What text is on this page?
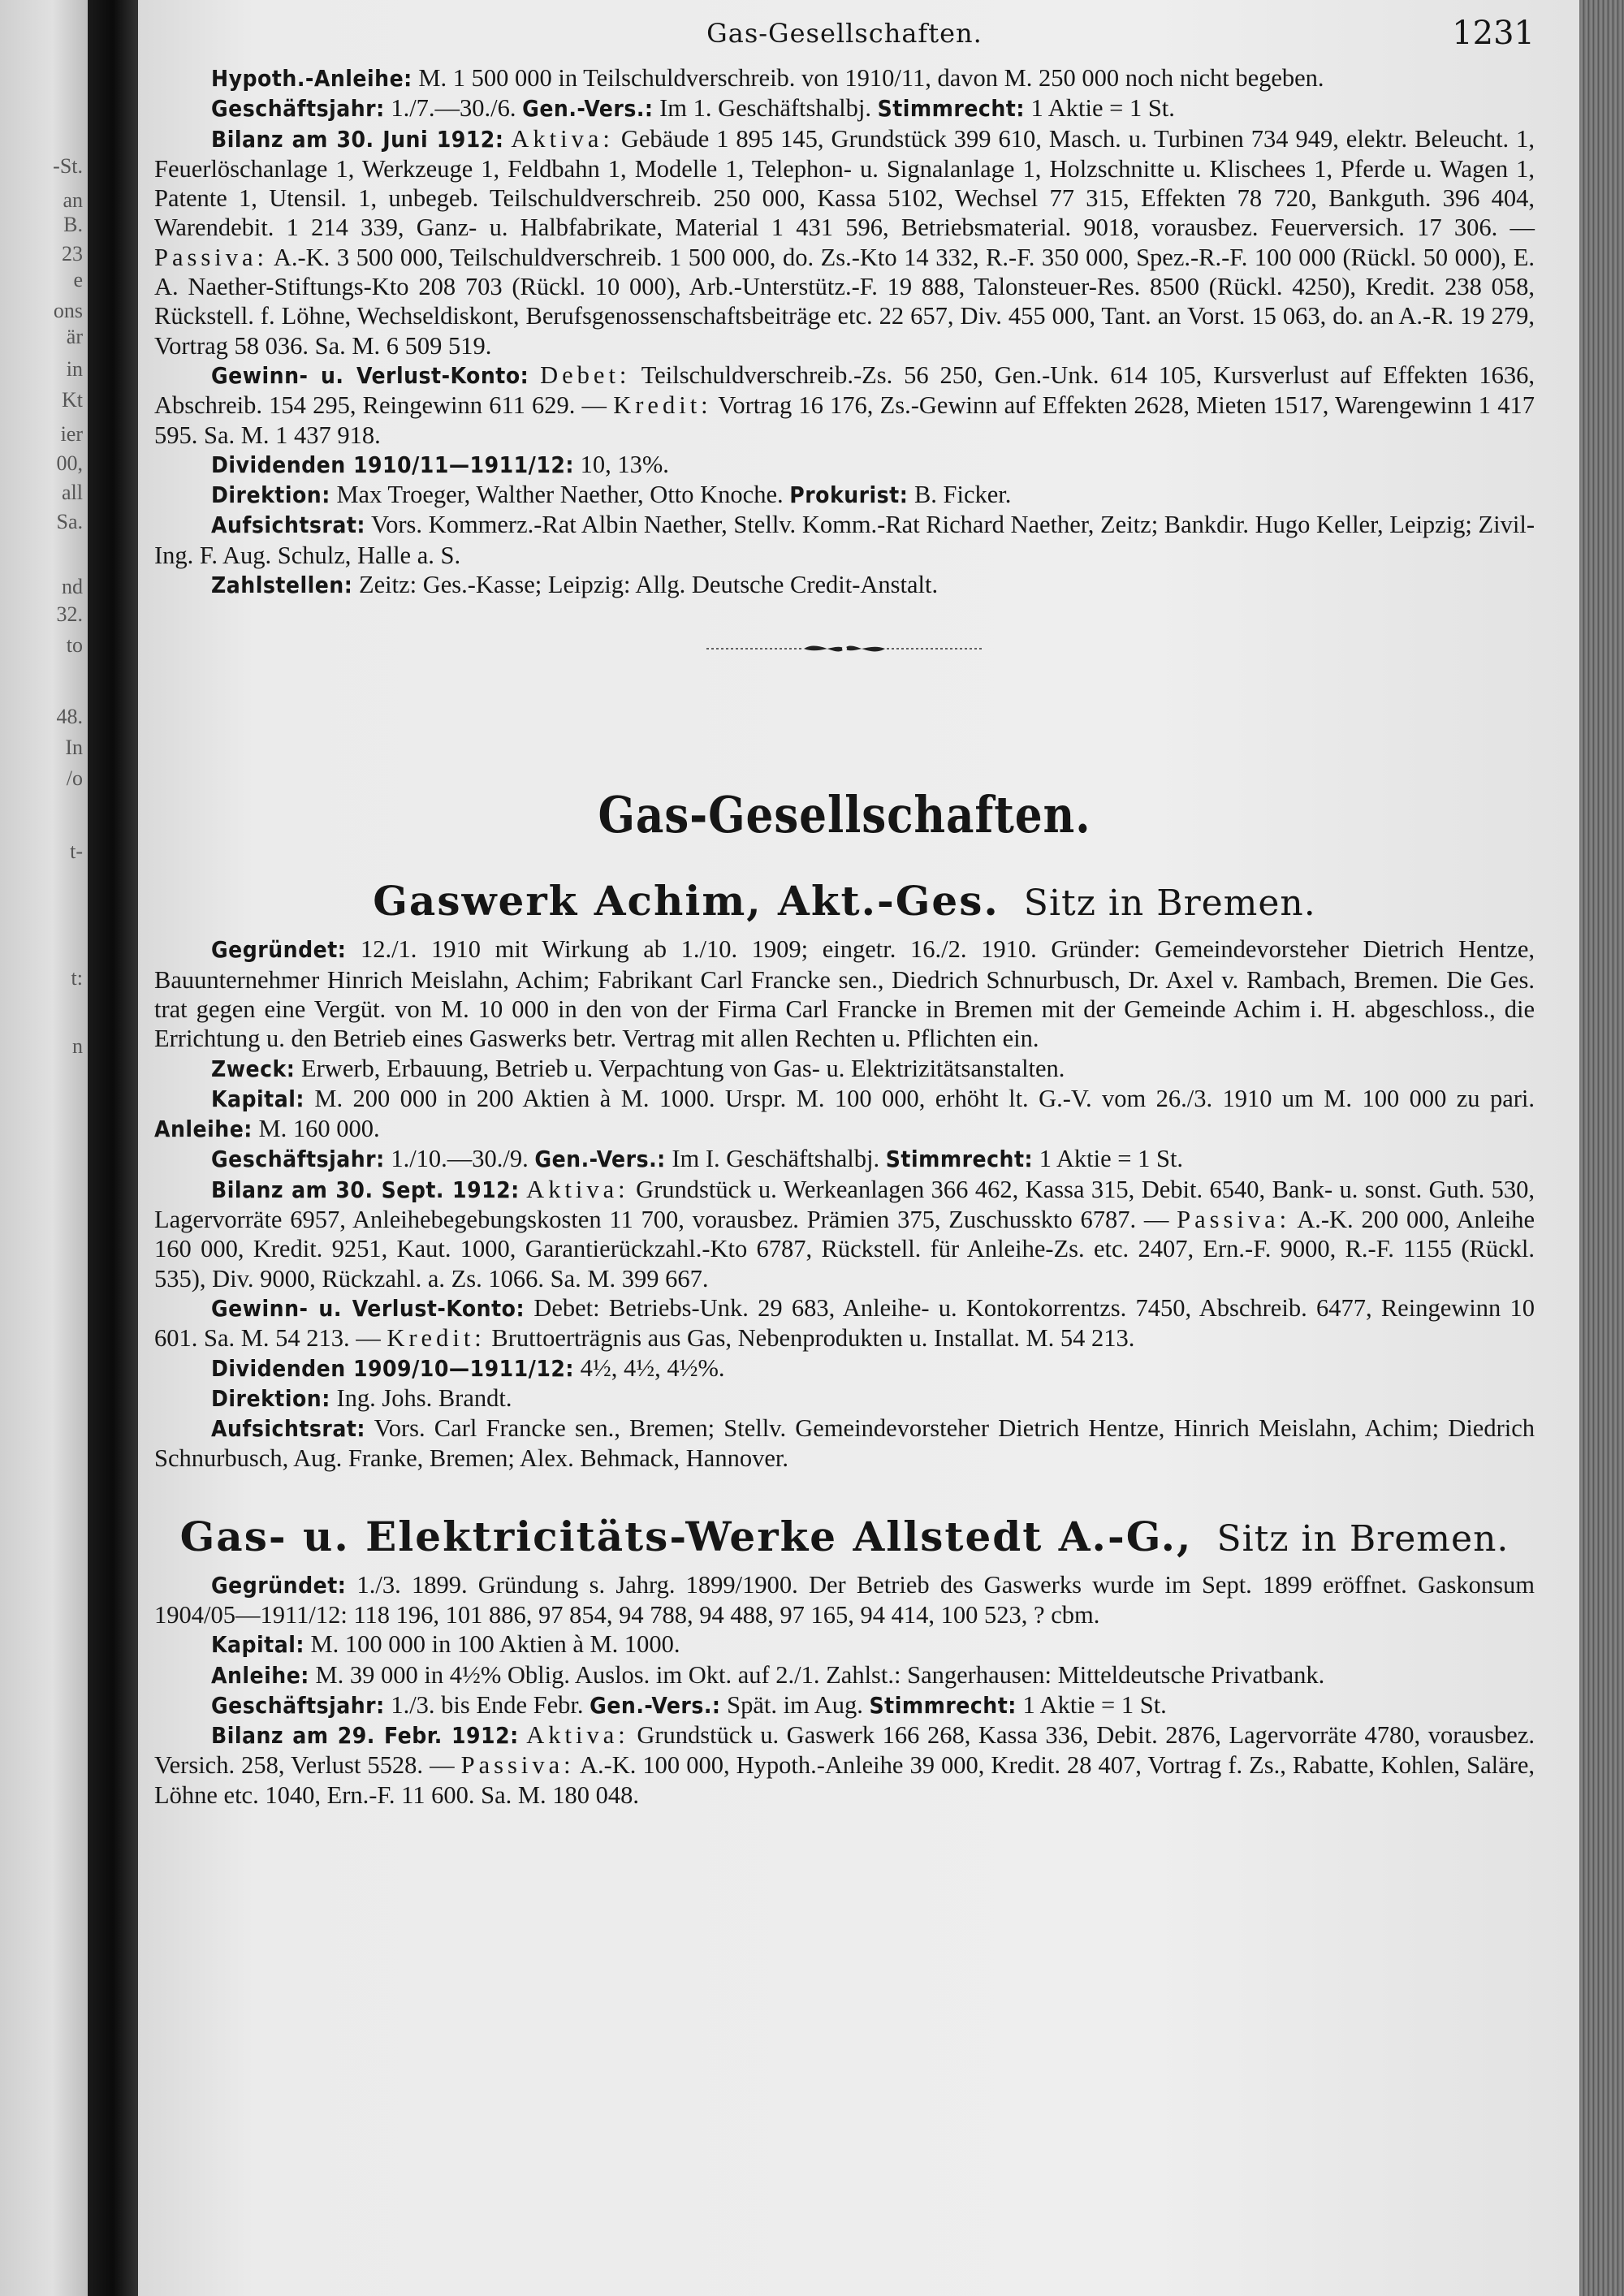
-St.
an
B.
23
e
ons
är
in
Kt
ier
00,
all
Sa.
nd
32.
to
48.
In
/o
t-
t:
n
Gas-Gesellschaften.	1231

Hypoth.-Anleihe: M. 1 500 000 in Teilschuldverschreib. von 1910/11, davon M. 250 000 noch nicht begeben.

Geschäftsjahr: 1./7.—30./6. Gen.-Vers.: Im 1. Geschäftshalbj. Stimmrecht: 1 Aktie = 1 St.

Bilanz am 30. Juni 1912: Aktiva: Gebäude 1 895 145, Grundstück 399 610, Masch. u. Turbinen 734 949, elektr. Beleucht. 1, Feuerlöschanlage 1, Werkzeuge 1, Feldbahn 1, Modelle 1, Telephon- u. Signalanlage 1, Holzschnitte u. Klischees 1, Pferde u. Wagen 1, Patente 1, Utensil. 1, unbegeb. Teilschuldverschreib. 250 000, Kassa 5102, Wechsel 77 315, Effekten 78 720, Bankguth. 396 404, Warendebit. 1 214 339, Ganz- u. Halbfabrikate, Material 1 431 596, Betriebsmaterial. 9018, vorausbez. Feuerversich. 17 306. — Passiva: A.-K. 3 500 000, Teilschuldverschreib. 1 500 000, do. Zs.-Kto 14 332, R.-F. 350 000, Spez.-R.-F. 100 000 (Rückl. 50 000), E. A. Naether-Stiftungs-Kto 208 703 (Rückl. 10 000), Arb.-Unterstütz.-F. 19 888, Talonsteuer-Res. 8500 (Rückl. 4250), Kredit. 238 058, Rückstell. f. Löhne, Wechseldiskont, Berufsgenossenschaftsbeiträge etc. 22 657, Div. 455 000, Tant. an Vorst. 15 063, do. an A.-R. 19 279, Vortrag 58 036. Sa. M. 6 509 519.

Gewinn- u. Verlust-Konto: Debet: Teilschuldverschreib.-Zs. 56 250, Gen.-Unk. 614 105, Kursverlust auf Effekten 1636, Abschreib. 154 295, Reingewinn 611 629. — Kredit: Vortrag 16 176, Zs.-Gewinn auf Effekten 2628, Mieten 1517, Warengewinn 1 417 595. Sa. M. 1 437 918.

Dividenden 1910/11—1911/12: 10, 13%.

Direktion: Max Troeger, Walther Naether, Otto Knoche. Prokurist: B. Ficker.

Aufsichtsrat: Vors. Kommerz.-Rat Albin Naether, Stellv. Komm.-Rat Richard Naether, Zeitz; Bankdir. Hugo Keller, Leipzig; Zivil-Ing. F. Aug. Schulz, Halle a. S.

Zahlstellen: Zeitz: Ges.-Kasse; Leipzig: Allg. Deutsche Credit-Anstalt.

Gas-Gesellschaften.
Gaswerk Achim, Akt.-Ges. Sitz in Bremen.

Gegründet: 12./1. 1910 mit Wirkung ab 1./10. 1909; eingetr. 16./2. 1910. Gründer: Gemeindevorsteher Dietrich Hentze, Bauunternehmer Hinrich Meislahn, Achim; Fabrikant Carl Francke sen., Diedrich Schnurbusch, Dr. Axel v. Rambach, Bremen. Die Ges. trat gegen eine Vergüt. von M. 10 000 in den von der Firma Carl Francke in Bremen mit der Gemeinde Achim i. H. abgeschloss., die Errichtung u. den Betrieb eines Gaswerks betr. Vertrag mit allen Rechten u. Pflichten ein.

Zweck: Erwerb, Erbauung, Betrieb u. Verpachtung von Gas- u. Elektrizitätsanstalten.

Kapital: M. 200 000 in 200 Aktien à M. 1000. Urspr. M. 100 000, erhöht lt. G.-V. vom 26./3. 1910 um M. 100 000 zu pari. Anleihe: M. 160 000.

Geschäftsjahr: 1./10.—30./9. Gen.-Vers.: Im I. Geschäftshalbj. Stimmrecht: 1 Aktie = 1 St.

Bilanz am 30. Sept. 1912: Aktiva: Grundstück u. Werkeanlagen 366 462, Kassa 315, Debit. 6540, Bank- u. sonst. Guth. 530, Lagervorräte 6957, Anleihebegebungskosten 11 700, vorausbez. Prämien 375, Zuschusskto 6787. — Passiva: A.-K. 200 000, Anleihe 160 000, Kredit. 9251, Kaut. 1000, Garantierückzahl.-Kto 6787, Rückstell. für Anleihe-Zs. etc. 2407, Ern.-F. 9000, R.-F. 1155 (Rückl. 535), Div. 9000, Rückzahl. a. Zs. 1066. Sa. M. 399 667.

Gewinn- u. Verlust-Konto: Debet: Betriebs-Unk. 29 683, Anleihe- u. Kontokorrentzs. 7450, Abschreib. 6477, Reingewinn 10 601. Sa. M. 54 213. — Kredit: Bruttoerträgnis aus Gas, Nebenprodukten u. Installat. M. 54 213.

Dividenden 1909/10—1911/12: 4½, 4½, 4½%.

Direktion: Ing. Johs. Brandt.

Aufsichtsrat: Vors. Carl Francke sen., Bremen; Stellv. Gemeindevorsteher Dietrich Hentze, Hinrich Meislahn, Achim; Diedrich Schnurbusch, Aug. Franke, Bremen; Alex. Behmack, Hannover.

Gas- u. Elektricitäts-Werke Allstedt A.-G., Sitz in Bremen.

Gegründet: 1./3. 1899. Gründung s. Jahrg. 1899/1900. Der Betrieb des Gaswerks wurde im Sept. 1899 eröffnet. Gaskonsum 1904/05—1911/12: 118 196, 101 886, 97 854, 94 788, 94 488, 97 165, 94 414, 100 523, ? cbm.

Kapital: M. 100 000 in 100 Aktien à M. 1000.

Anleihe: M. 39 000 in 4½% Oblig. Auslos. im Okt. auf 2./1. Zahlst.: Sangerhausen: Mitteldeutsche Privatbank.

Geschäftsjahr: 1./3. bis Ende Febr. Gen.-Vers.: Spät. im Aug. Stimmrecht: 1 Aktie = 1 St.

Bilanz am 29. Febr. 1912: Aktiva: Grundstück u. Gaswerk 166 268, Kassa 336, Debit. 2876, Lagervorräte 4780, vorausbez. Versich. 258, Verlust 5528. — Passiva: A.-K. 100 000, Hypoth.-Anleihe 39 000, Kredit. 28 407, Vortrag f. Zs., Rabatte, Kohlen, Saläre, Löhne etc. 1040, Ern.-F. 11 600. Sa. M. 180 048.
